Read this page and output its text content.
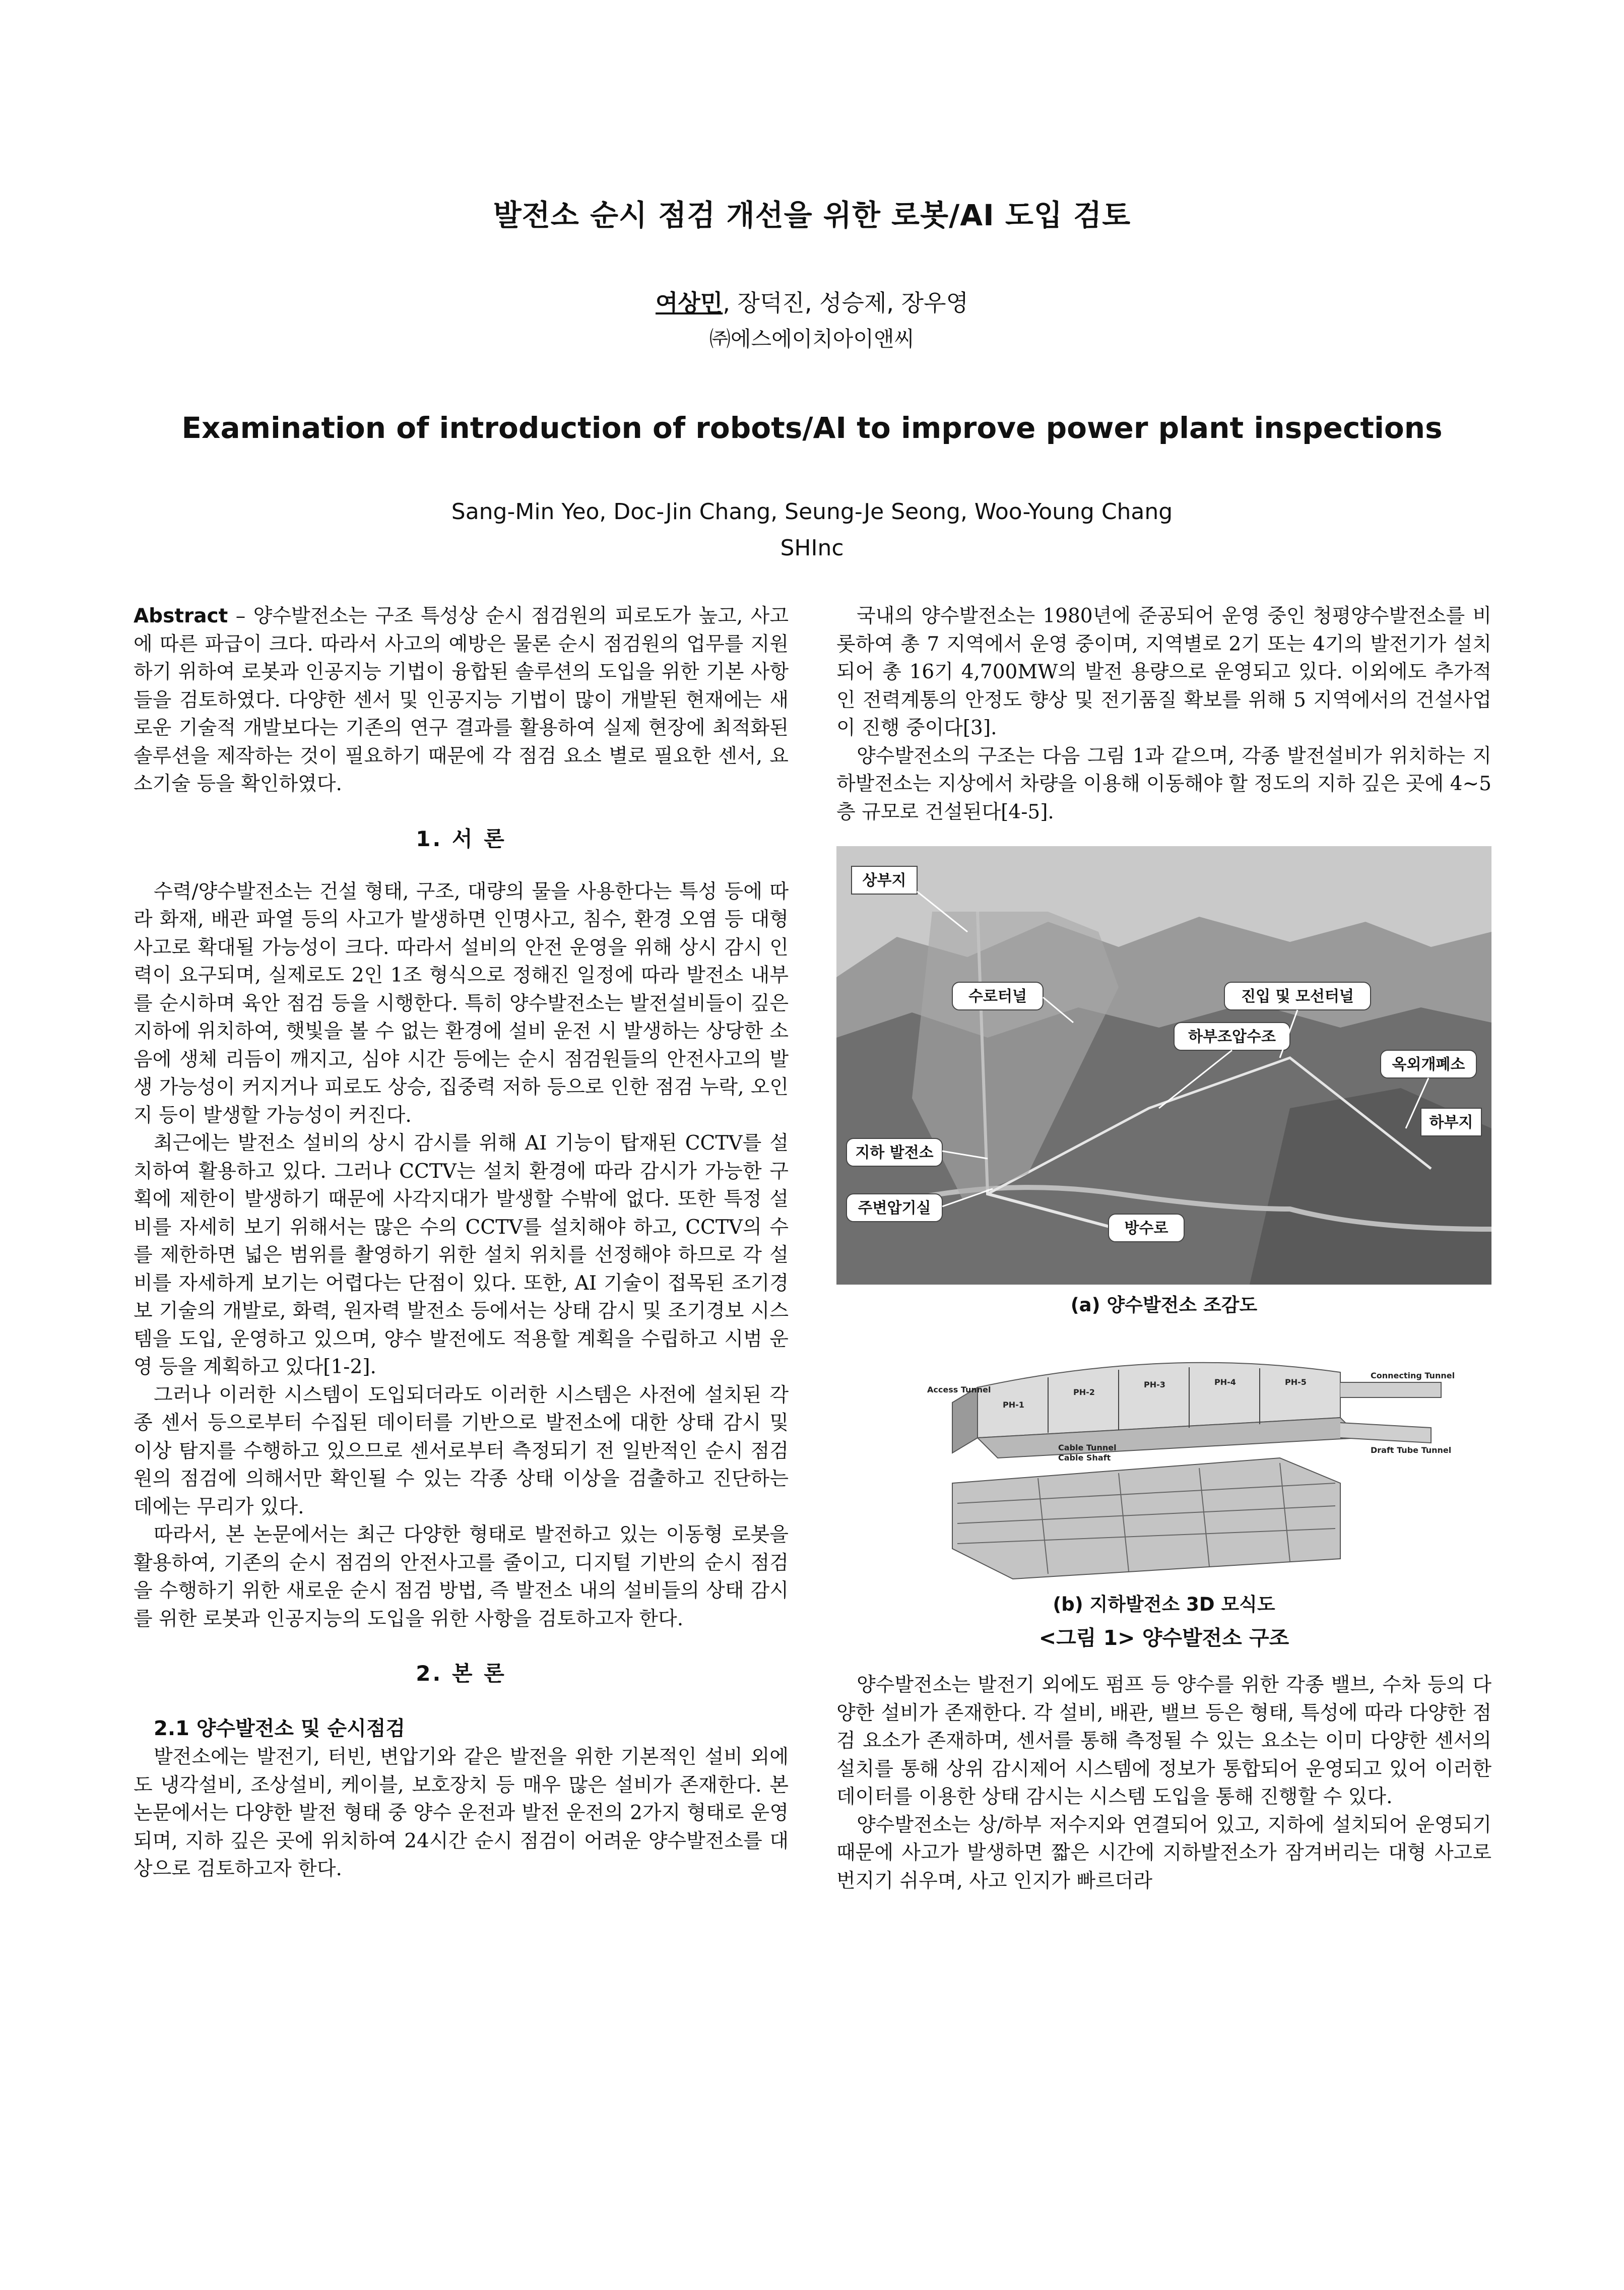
발전소 순시 점검 개선을 위한 로봇/AI 도입 검토
여상민, 장덕진, 성승제, 장우영
㈜에스에이치아이앤씨
Examination of introduction of robots/AI to improve power plant inspections
Sang-Min Yeo, Doc-Jin Chang, Seung-Je Seong, Woo-Young Chang
SHInc

Abstract – 양수발전소는 구조 특성상 순시 점검원의 피로도가 높고, 사고에 따른 파급이 크다. 따라서 사고의 예방은 물론 순시 점검원의 업무를 지원하기 위하여 로봇과 인공지능 기법이 융합된 솔루션의 도입을 위한 기본 사항들을 검토하였다. 다양한 센서 및 인공지능 기법이 많이 개발된 현재에는 새로운 기술적 개발보다는 기존의 연구 결과를 활용하여 실제 현장에 최적화된 솔루션을 제작하는 것이 필요하기 때문에 각 점검 요소 별로 필요한 센서, 요소기술 등을 확인하였다.

1. 서 론

수력/양수발전소는 건설 형태, 구조, 대량의 물을 사용한다는 특성 등에 따라 화재, 배관 파열 등의 사고가 발생하면 인명사고, 침수, 환경 오염 등 대형 사고로 확대될 가능성이 크다. 따라서 설비의 안전 운영을 위해 상시 감시 인력이 요구되며, 실제로도 2인 1조 형식으로 정해진 일정에 따라 발전소 내부를 순시하며 육안 점검 등을 시행한다. 특히 양수발전소는 발전설비들이 깊은 지하에 위치하여, 햇빛을 볼 수 없는 환경에 설비 운전 시 발생하는 상당한 소음에 생체 리듬이 깨지고, 심야 시간 등에는 순시 점검원들의 안전사고의 발생 가능성이 커지거나 피로도 상승, 집중력 저하 등으로 인한 점검 누락, 오인지 등이 발생할 가능성이 커진다.

최근에는 발전소 설비의 상시 감시를 위해 AI 기능이 탑재된 CCTV를 설치하여 활용하고 있다. 그러나 CCTV는 설치 환경에 따라 감시가 가능한 구획에 제한이 발생하기 때문에 사각지대가 발생할 수밖에 없다. 또한 특정 설비를 자세히 보기 위해서는 많은 수의 CCTV를 설치해야 하고, CCTV의 수를 제한하면 넓은 범위를 촬영하기 위한 설치 위치를 선정해야 하므로 각 설비를 자세하게 보기는 어렵다는 단점이 있다. 또한, AI 기술이 접목된 조기경보 기술의 개발로, 화력, 원자력 발전소 등에서는 상태 감시 및 조기경보 시스템을 도입, 운영하고 있으며, 양수 발전에도 적용할 계획을 수립하고 시범 운영 등을 계획하고 있다[1-2].

그러나 이러한 시스템이 도입되더라도 이러한 시스템은 사전에 설치된 각종 센서 등으로부터 수집된 데이터를 기반으로 발전소에 대한 상태 감시 및 이상 탐지를 수행하고 있으므로 센서로부터 측정되기 전 일반적인 순시 점검원의 점검에 의해서만 확인될 수 있는 각종 상태 이상을 검출하고 진단하는 데에는 무리가 있다.

따라서, 본 논문에서는 최근 다양한 형태로 발전하고 있는 이동형 로봇을 활용하여, 기존의 순시 점검의 안전사고를 줄이고, 디지털 기반의 순시 점검을 수행하기 위한 새로운 순시 점검 방법, 즉 발전소 내의 설비들의 상태 감시를 위한 로봇과 인공지능의 도입을 위한 사항을 검토하고자 한다.

2. 본 론
2.1 양수발전소 및 순시점검

발전소에는 발전기, 터빈, 변압기와 같은 발전을 위한 기본적인 설비 외에도 냉각설비, 조상설비, 케이블, 보호장치 등 매우 많은 설비가 존재한다. 본 논문에서는 다양한 발전 형태 중 양수 운전과 발전 운전의 2가지 형태로 운영되며, 지하 깊은 곳에 위치하여 24시간 순시 점검이 어려운 양수발전소를 대상으로 검토하고자 한다.

국내의 양수발전소는 1980년에 준공되어 운영 중인 청평양수발전소를 비롯하여 총 7 지역에서 운영 중이며, 지역별로 2기 또는 4기의 발전기가 설치되어 총 16기 4,700MW의 발전 용량으로 운영되고 있다. 이외에도 추가적인 전력계통의 안정도 향상 및 전기품질 확보를 위해 5 지역에서의 건설사업이 진행 중이다[3].

양수발전소의 구조는 다음 그림 1과 같으며, 각종 발전설비가 위치하는 지하발전소는 지상에서 차량을 이용해 이동해야 할 정도의 지하 깊은 곳에 4~5층 규모로 건설된다[4-5].

상부지
수로터널	진입 및 모선터널
하부조압수조
옥외개폐소
하부지
지하 발전소
주변압기실
방수로
(a) 양수발전소 조감도
Access Tunnel
Connecting Tunnel
Draft Tube Tunnel
Cable Tunnel
Cable Shaft
PH-1
PH-2
PH-3	PH-4	PH-5
(b) 지하발전소 3D 모식도
<그림 1> 양수발전소 구조

양수발전소는 발전기 외에도 펌프 등 양수를 위한 각종 밸브, 수차 등의 다양한 설비가 존재한다. 각 설비, 배관, 밸브 등은 형태, 특성에 따라 다양한 점검 요소가 존재하며, 센서를 통해 측정될 수 있는 요소는 이미 다양한 센서의 설치를 통해 상위 감시제어 시스템에 정보가 통합되어 운영되고 있어 이러한 데이터를 이용한 상태 감시는 시스템 도입을 통해 진행할 수 있다.

양수발전소는 상/하부 저수지와 연결되어 있고, 지하에 설치되어 운영되기 때문에 사고가 발생하면 짧은 시간에 지하발전소가 잠겨버리는 대형 사고로 번지기 쉬우며, 사고 인지가 빠르더라
